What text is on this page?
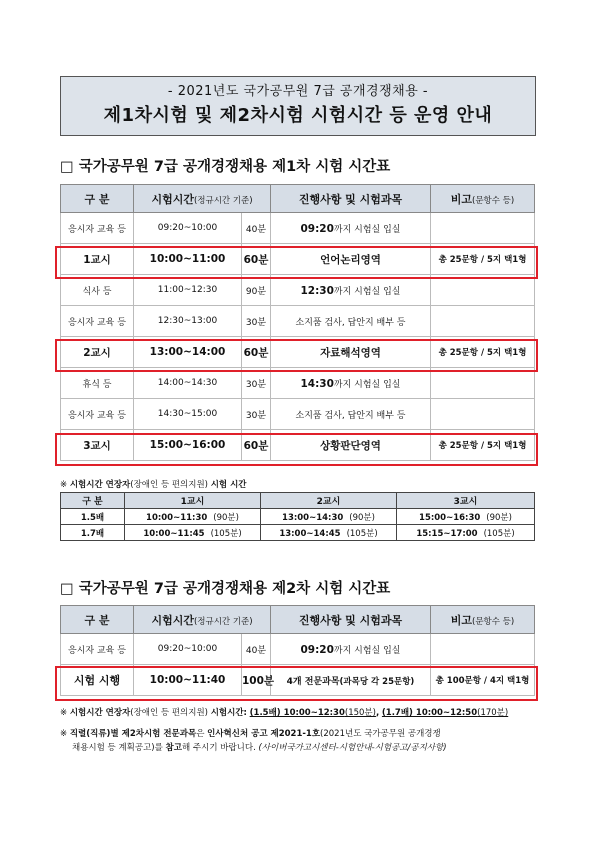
- 2021년도 국가공무원 7급 공개경쟁채용 -
제1차시험 및 제2차시험 시험시간 등 운영 안내
□ 국가공무원 7급 공개경쟁채용 제1차 시험 시간표
구 분	시험시간(정규시간 기준)		진행사항 및 시험과목	비고(문항수 등)
응시자 교육 등	09:20~10:00	40분	09:20까지 시험실 입실	
1교시	10:00~11:00	60분	언어논리영역	총 25문항 / 5지 택1형
식사 등	11:00~12:30	90분	12:30까지 시험실 입실	
응시자 교육 등	12:30~13:00	30분	소지품 검사, 답안지 배부 등	
2교시	13:00~14:00	60분	자료해석영역	총 25문항 / 5지 택1형
휴식 등	14:00~14:30	30분	14:30까지 시험실 입실	
응시자 교육 등	14:30~15:00	30분	소지품 검사, 답안지 배부 등	
3교시	15:00~16:00	60분	상황판단영역	총 25문항 / 5지 택1형
※ 시험시간 연장자(장애인 등 편의지원) 시험 시간
구 분	1교시	2교시	3교시
1.5배	10:00~11:30 (90분)	13:00~14:30 (90분)	15:00~16:30 (90분)
1.7배	10:00~11:45 (105분)	13:00~14:45 (105분)	15:15~17:00 (105분)
□ 국가공무원 7급 공개경쟁채용 제2차 시험 시간표
구 분	시험시간(정규시간 기준)		진행사항 및 시험과목	비고(문항수 등)
응시자 교육 등	09:20~10:00	40분	09:20까지 시험실 입실	
시험 시행	10:00~11:40	100분	4개 전문과목(과목당 각 25문항)	총 100문항 / 4지 택1형
※ 시험시간 연장자(장애인 등 편의지원) 시험시간: (1.5배) 10:00~12:30(150분), (1.7배) 10:00~12:50(170분)
※ 직렬(직류)별 제2차시험 전문과목은 인사혁신처 공고 제2021-1호(2021년도 국가공무원 공개경쟁
채용시험 등 계획공고)를 참고해 주시기 바랍니다. (사이버국가고시센터-시험안내-시험공고/공지사항)
